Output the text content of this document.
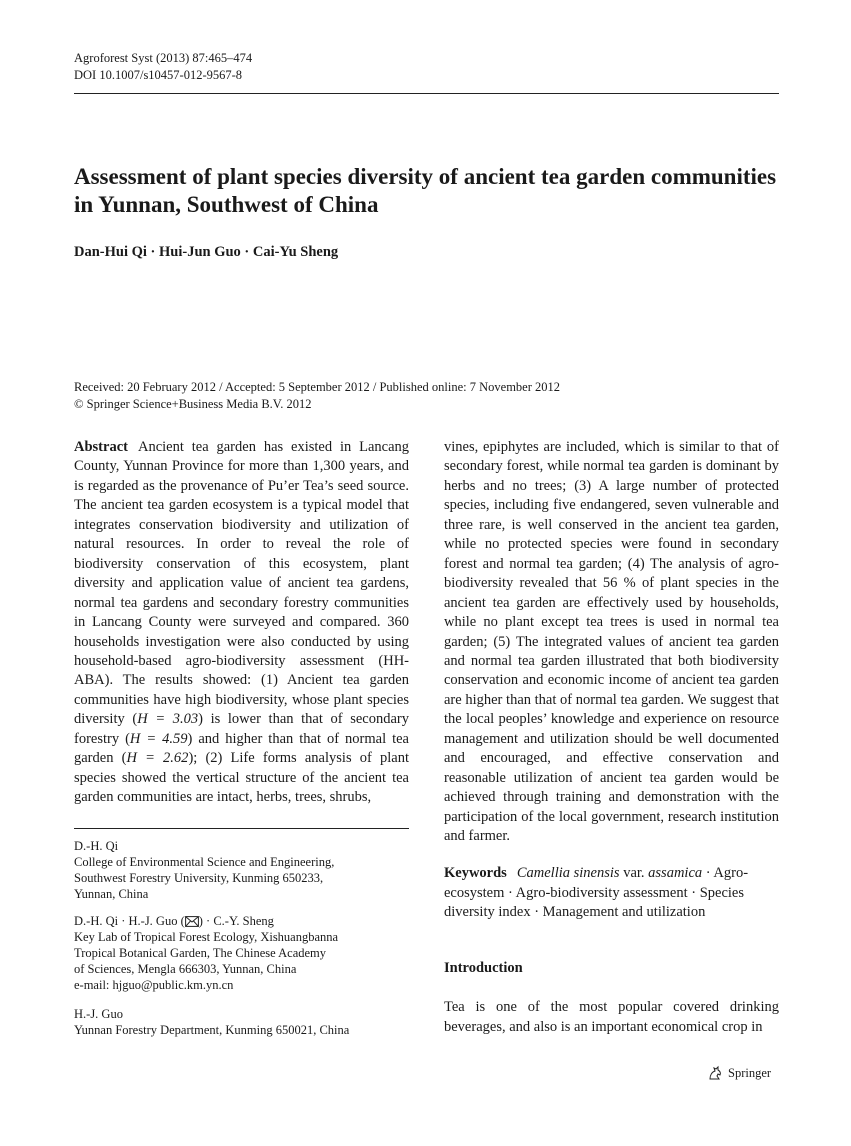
Agroforest Syst (2013) 87:465–474
DOI 10.1007/s10457-012-9567-8
Assessment of plant species diversity of ancient tea garden communities in Yunnan, Southwest of China
Dan-Hui Qi · Hui-Jun Guo · Cai-Yu Sheng
Received: 20 February 2012 / Accepted: 5 September 2012 / Published online: 7 November 2012
© Springer Science+Business Media B.V. 2012
Abstract Ancient tea garden has existed in Lancang County, Yunnan Province for more than 1,300 years, and is regarded as the provenance of Pu’er Tea’s seed source. The ancient tea garden ecosystem is a typical model that integrates conservation biodiversity and utilization of natural resources. In order to reveal the role of biodiversity conservation of this ecosystem, plant diversity and application value of ancient tea gardens, normal tea gardens and secondary forestry communities in Lancang County were surveyed and compared. 360 households investigation were also conducted by using household-based agro-biodiversity assessment (HH-ABA). The results showed: (1) Ancient tea garden communities have high biodiversity, whose plant species diversity (H = 3.03) is lower than that of secondary forestry (H = 4.59) and higher than that of normal tea garden (H = 2.62); (2) Life forms analysis of plant species showed the vertical structure of the ancient tea garden communities are intact, herbs, trees, shrubs,
vines, epiphytes are included, which is similar to that of secondary forest, while normal tea garden is dominant by herbs and no trees; (3) A large number of protected species, including five endangered, seven vulnerable and three rare, is well conserved in the ancient tea garden, while no protected species were found in secondary forest and normal tea garden; (4) The analysis of agro-biodiversity revealed that 56 % of plant species in the ancient tea garden are effectively used by households, while no plant except tea trees is used in normal tea garden; (5) The integrated values of ancient tea garden and normal tea garden illustrated that both biodiversity conservation and economic income of ancient tea garden are higher than that of normal tea garden. We suggest that the local peoples’ knowledge and experience on resource management and utilization should be well documented and encouraged, and effective conservation and reasonable utilization of ancient tea garden would be achieved through training and demonstration with the participation of the local government, research institution and farmer.
D.-H. Qi
College of Environmental Science and Engineering,
Southwest Forestry University, Kunming 650233,
Yunnan, China
D.-H. Qi · H.-J. Guo ( ) · C.-Y. Sheng
Key Lab of Tropical Forest Ecology, Xishuangbanna
Tropical Botanical Garden, The Chinese Academy
of Sciences, Mengla 666303, Yunnan, China
e-mail: hjguo@public.km.yn.cn
H.-J. Guo
Yunnan Forestry Department, Kunming 650021, China
Keywords Camellia sinensis var. assamica · Agro-ecosystem · Agro-biodiversity assessment · Species diversity index · Management and utilization
Introduction
Tea is one of the most popular covered drinking beverages, and also is an important economical crop in
Springer
